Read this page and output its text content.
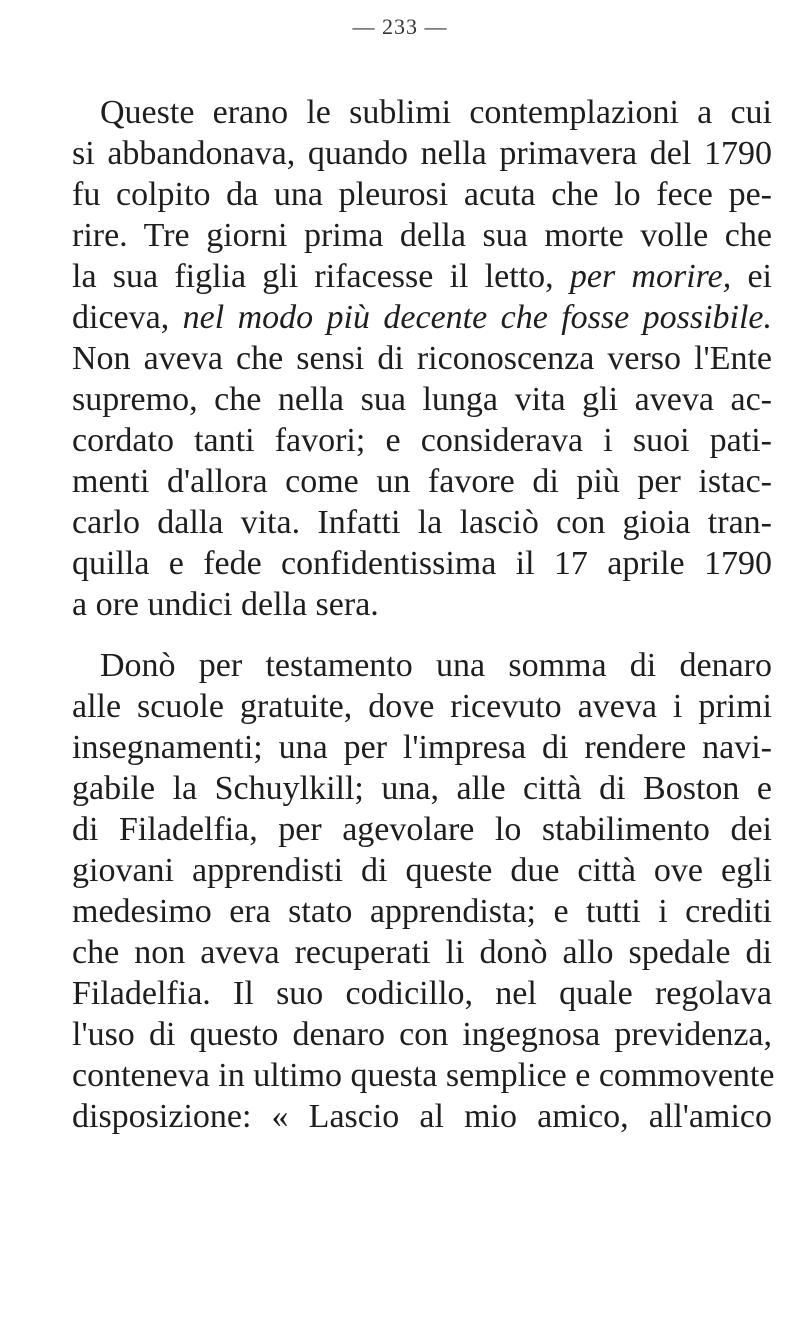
— 233 —
Queste erano le sublimi contemplazioni a cui
si abbandonava, quando nella primavera del 1790
fu colpito da una pleurosi acuta che lo fece pe-
rire. Tre giorni prima della sua morte volle che
la sua figlia gli rifacesse il letto, per morire, ei
diceva, nel modo più decente che fosse possibile.
Non aveva che sensi di riconoscenza verso l'Ente
supremo, che nella sua lunga vita gli aveva ac-
cordato tanti favori; e considerava i suoi pati-
menti d'allora come un favore di più per istac-
carlo dalla vita. Infatti la lasciò con gioia tran-
quilla e fede confidentissima il 17 aprile 1790
a ore undici della sera.
Donò per testamento una somma di denaro
alle scuole gratuite, dove ricevuto aveva i primi
insegnamenti; una per l'impresa di rendere navi-
gabile la Schuylkill; una, alle città di Boston e
di Filadelfia, per agevolare lo stabilimento dei
giovani apprendisti di queste due città ove egli
medesimo era stato apprendista; e tutti i crediti
che non aveva recuperati li donò allo spedale di
Filadelfia. Il suo codicillo, nel quale regolava
l'uso di questo denaro con ingegnosa previdenza,
conteneva in ultimo questa semplice e commovente
disposizione: « Lascio al mio amico, all'amico
